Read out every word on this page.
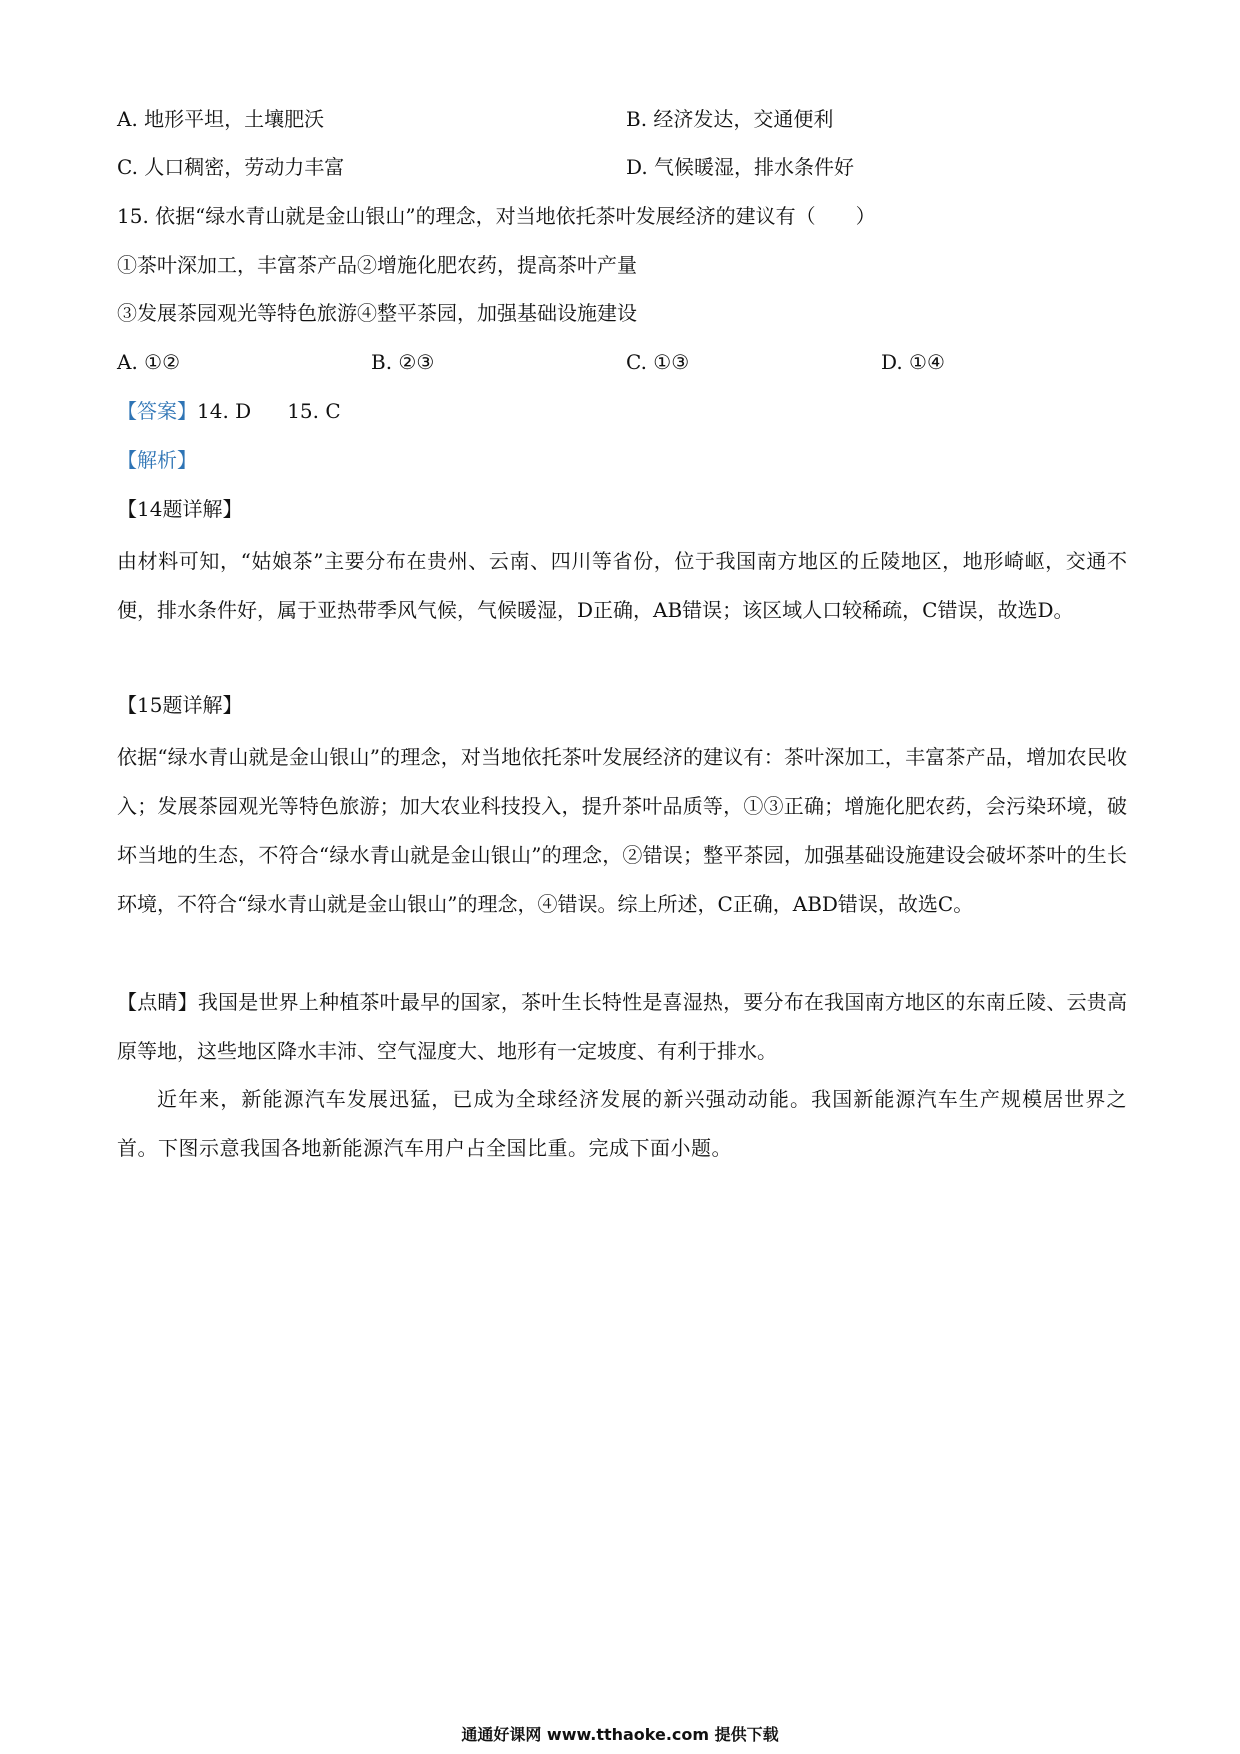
A. 地形平坦，土壤肥沃	B. 经济发达，交通便利
C. 人口稠密，劳动力丰富	D. 气候暖湿，排水条件好
15. 依据“绿水青山就是金山银山”的理念，对当地依托茶叶发展经济的建议有（　　）
①茶叶深加工，丰富茶产品②增施化肥农药，提高茶叶产量
③发展茶园观光等特色旅游④整平茶园，加强基础设施建设
A. ①②	B. ②③	C. ①③	D. ①④
【答案】14. D 15. C
【解析】
【14题详解】
由材料可知，“姑娘茶”主要分布在贵州、云南、四川等省份，位于我国南方地区的丘陵地区，地形崎岖，交通不便，排水条件好，属于亚热带季风气候，气候暖湿，D正确，AB错误；该区域人口较稀疏，C错误，故选D。
【15题详解】
依据“绿水青山就是金山银山”的理念，对当地依托茶叶发展经济的建议有：茶叶深加工，丰富茶产品，增加农民收入；发展茶园观光等特色旅游；加大农业科技投入，提升茶叶品质等，①③正确；增施化肥农药，会污染环境，破坏当地的生态，不符合“绿水青山就是金山银山”的理念，②错误；整平茶园，加强基础设施建设会破坏茶叶的生长环境，不符合“绿水青山就是金山银山”的理念，④错误。综上所述，C正确，ABD错误，故选C。
【点睛】我国是世界上种植茶叶最早的国家，茶叶生长特性是喜湿热，要分布在我国南方地区的东南丘陵、云贵高原等地，这些地区降水丰沛、空气湿度大、地形有一定坡度、有利于排水。
近年来，新能源汽车发展迅猛，已成为全球经济发展的新兴强动动能。我国新能源汽车生产规模居世界之首。下图示意我国各地新能源汽车用户占全国比重。完成下面小题。
通通好课网 www.tthaoke.com 提供下载
